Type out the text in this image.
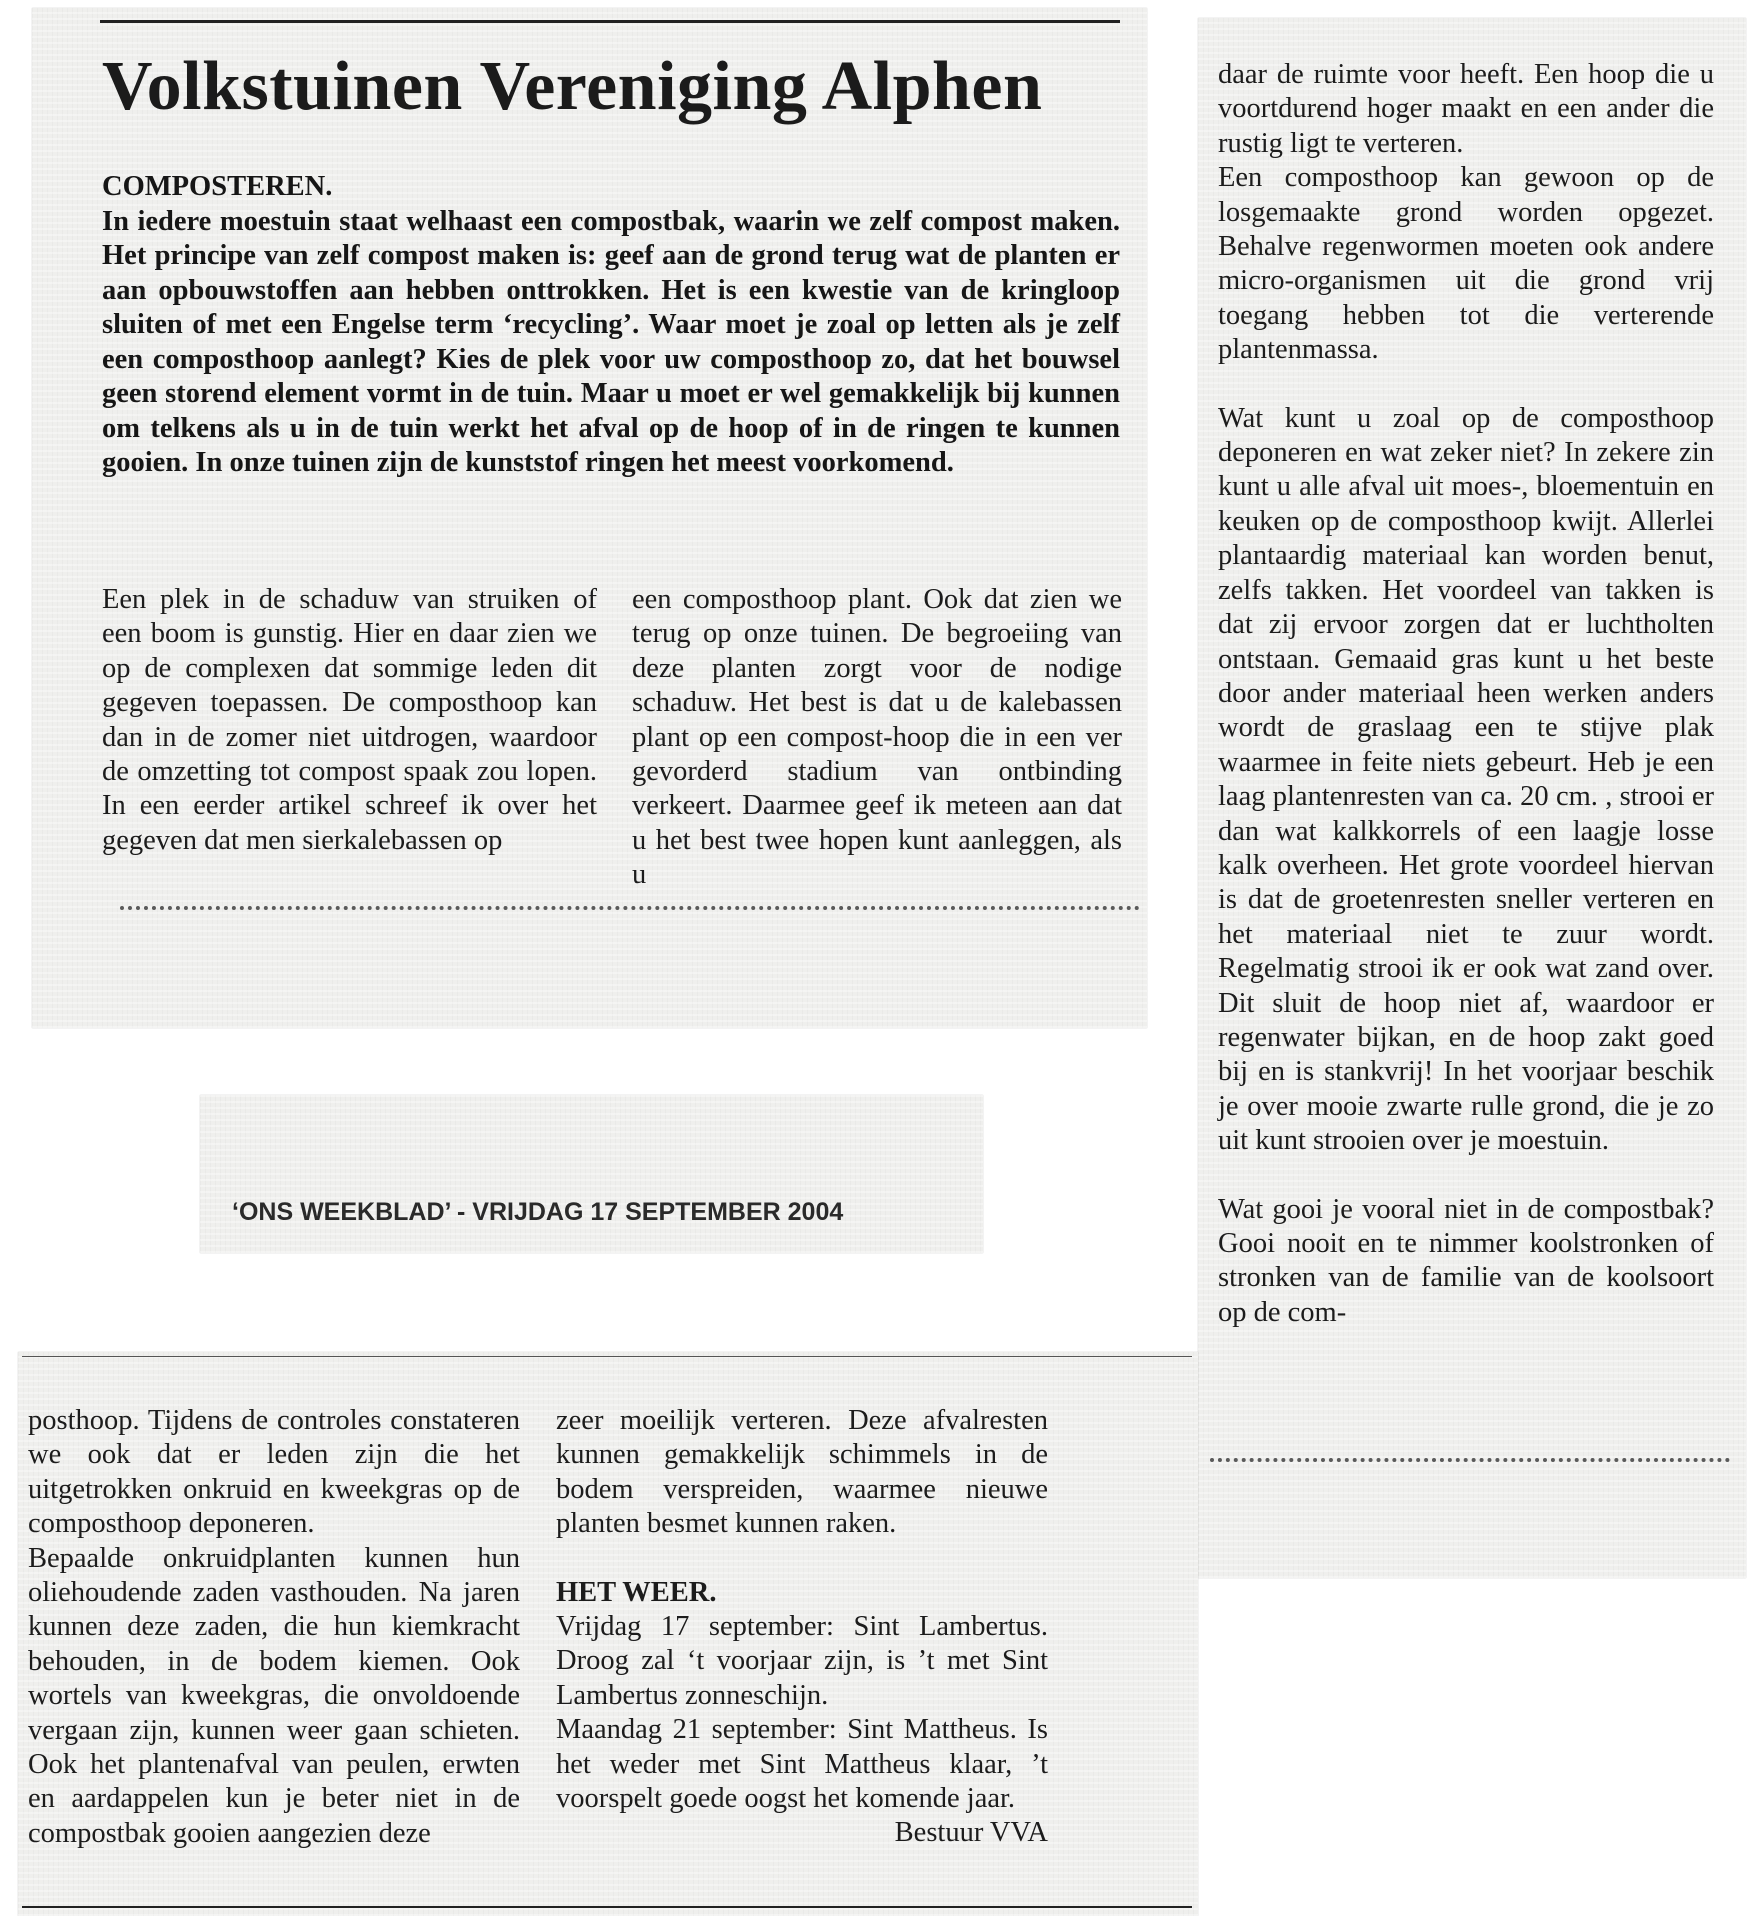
Volkstuinen Vereniging Alphen
COMPOSTEREN.
In iedere moestuin staat welhaast een compostbak, waarin we zelf compost maken. Het principe van zelf compost maken is: geef aan de grond terug wat de planten er aan opbouwstoffen aan hebben onttrokken. Het is een kwestie van de kringloop sluiten of met een Engelse term ‘recycling’. Waar moet je zoal op letten als je zelf een composthoop aanlegt? Kies de plek voor uw composthoop zo, dat het bouwsel geen storend element vormt in de tuin. Maar u moet er wel gemakkelijk bij kunnen om telkens als u in de tuin werkt het afval op de hoop of in de ringen te kunnen gooien. In onze tuinen zijn de kunststof ringen het meest voorkomend.

Een plek in de schaduw van struiken of een boom is gunstig. Hier en daar zien we op de complexen dat sommige leden dit gegeven toepassen. De composthoop kan dan in de zomer niet uitdrogen, waardoor de omzetting tot compost spaak zou lopen. In een eerder artikel schreef ik over het gegeven dat men sierkalebassen op

een composthoop plant. Ook dat zien we terug op onze tuinen. De begroeiing van deze planten zorgt voor de nodige schaduw. Het best is dat u de kalebassen plant op een compost-hoop die in een ver gevorderd stadium van ontbinding verkeert. Daarmee geef ik meteen aan dat u het best twee hopen kunt aanleggen, als u

daar de ruimte voor heeft. Een hoop die u voortdurend hoger maakt en een ander die rustig ligt te verteren.

Een composthoop kan gewoon op de losgemaakte grond worden opgezet. Behalve regenwormen moeten ook andere micro-organismen uit die grond vrij toegang hebben tot die verterende plantenmassa.

Wat kunt u zoal op de composthoop deponeren en wat zeker niet? In zekere zin kunt u alle afval uit moes-, bloementuin en keuken op de composthoop kwijt. Allerlei plantaardig materiaal kan worden benut, zelfs takken. Het voordeel van takken is dat zij ervoor zorgen dat er luchtholten ontstaan. Gemaaid gras kunt u het beste door ander materiaal heen werken anders wordt de graslaag een te stijve plak waarmee in feite niets gebeurt. Heb je een laag plantenresten van ca. 20 cm. , strooi er dan wat kalkkorrels of een laagje losse kalk overheen. Het grote voordeel hiervan is dat de groetenresten sneller verteren en het materiaal niet te zuur wordt. Regelmatig strooi ik er ook wat zand over. Dit sluit de hoop niet af, waardoor er regenwater bijkan, en de hoop zakt goed bij en is stankvrij! In het voorjaar beschik je over mooie zwarte rulle grond, die je zo uit kunt strooien over je moestuin.

Wat gooi je vooral niet in de compostbak? Gooi nooit en te nimmer koolstronken of stronken van de familie van de koolsoort op de com-

‘ONS WEEKBLAD’ - VRIJDAG 17 SEPTEMBER 2004

posthoop. Tijdens de controles constateren we ook dat er leden zijn die het uitgetrokken onkruid en kweekgras op de composthoop deponeren.

Bepaalde onkruidplanten kunnen hun oliehoudende zaden vasthouden. Na jaren kunnen deze zaden, die hun kiemkracht behouden, in de bodem kiemen. Ook wortels van kweekgras, die onvoldoende vergaan zijn, kunnen weer gaan schieten. Ook het plantenafval van peulen, erwten en aardappelen kun je beter niet in de compostbak gooien aangezien deze

zeer moeilijk verteren. Deze afvalresten kunnen gemakkelijk schimmels in de bodem verspreiden, waarmee nieuwe planten besmet kunnen raken.

HET WEER.

Vrijdag 17 september: Sint Lambertus. Droog zal ‘t voorjaar zijn, is ’t met Sint Lambertus zonneschijn.

Maandag 21 september: Sint Mattheus. Is het weder met Sint Mattheus klaar, ’t voorspelt goede oogst het komende jaar.

Bestuur VVA
